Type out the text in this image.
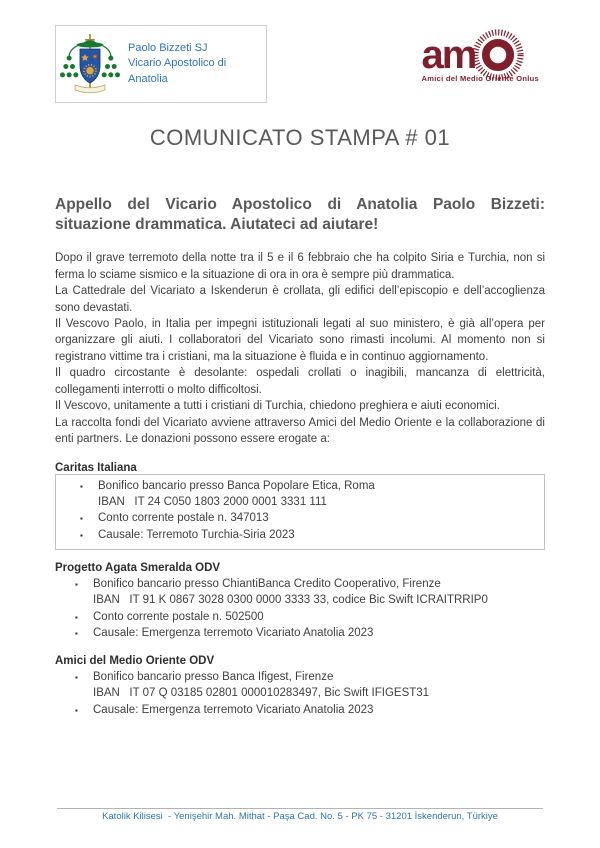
Paolo Bizzeti SJ
Vicario Apostolico di Anatolia
am
Amici del Medio Oriente Onlus
COMUNICATO STAMPA # 01
Appello del Vicario Apostolico di Anatolia Paolo Bizzeti: situazione drammatica. Aiutateci ad aiutare!

Dopo il grave terremoto della notte tra il 5 e il 6 febbraio che ha colpito Siria e Turchia, non si ferma lo sciame sismico e la situazione di ora in ora è sempre più drammatica.

La Cattedrale del Vicariato a Iskenderun è crollata, gli edifici dell’episcopio e dell’accoglienza sono devastati.

Il Vescovo Paolo, in Italia per impegni istituzionali legati al suo ministero, è già all’opera per organizzare gli aiuti. I collaboratori del Vicariato sono rimasti incolumi. Al momento non si registrano vittime tra i cristiani, ma la situazione è fluida e in continuo aggiornamento.

Il quadro circostante è desolante: ospedali crollati o inagibili, mancanza di elettricità, collegamenti interrotti o molto difficoltosi.

Il Vescovo, unitamente a tutti i cristiani di Turchia, chiedono preghiera e aiuti economici.

La raccolta fondi del Vicariato avviene attraverso Amici del Medio Oriente e la collaborazione di enti partners. Le donazioni possono essere erogate a:

Caritas Italiana
▪	Bonifico bancario presso Banca Popolare Etica, Roma
IBAN   IT 24 C050 1803 2000 0001 3331 111
▪	Conto corrente postale n. 347013
▪	Causale: Terremoto Turchia-Siria 2023
Progetto Agata Smeralda ODV
▪	Bonifico bancario presso ChiantiBanca Credito Cooperativo, Firenze
IBAN   IT 91 K 0867 3028 0300 0000 3333 33, codice Bic Swift ICRAITRRIP0
▪	Conto corrente postale n. 502500
▪	Causale: Emergenza terremoto Vicariato Anatolia 2023
Amici del Medio Oriente ODV
▪	Bonifico bancario presso Banca Ifigest, Firenze
IBAN   IT 07 Q 03185 02801 000010283497, Bic Swift IFIGEST31
▪	Causale: Emergenza terremoto Vicariato Anatolia 2023
Katolik Kilisesi  - Yenişehir Mah. Mithat - Paşa Cad. No. 5 - PK 75 - 31201 İskenderun, Türkiye
